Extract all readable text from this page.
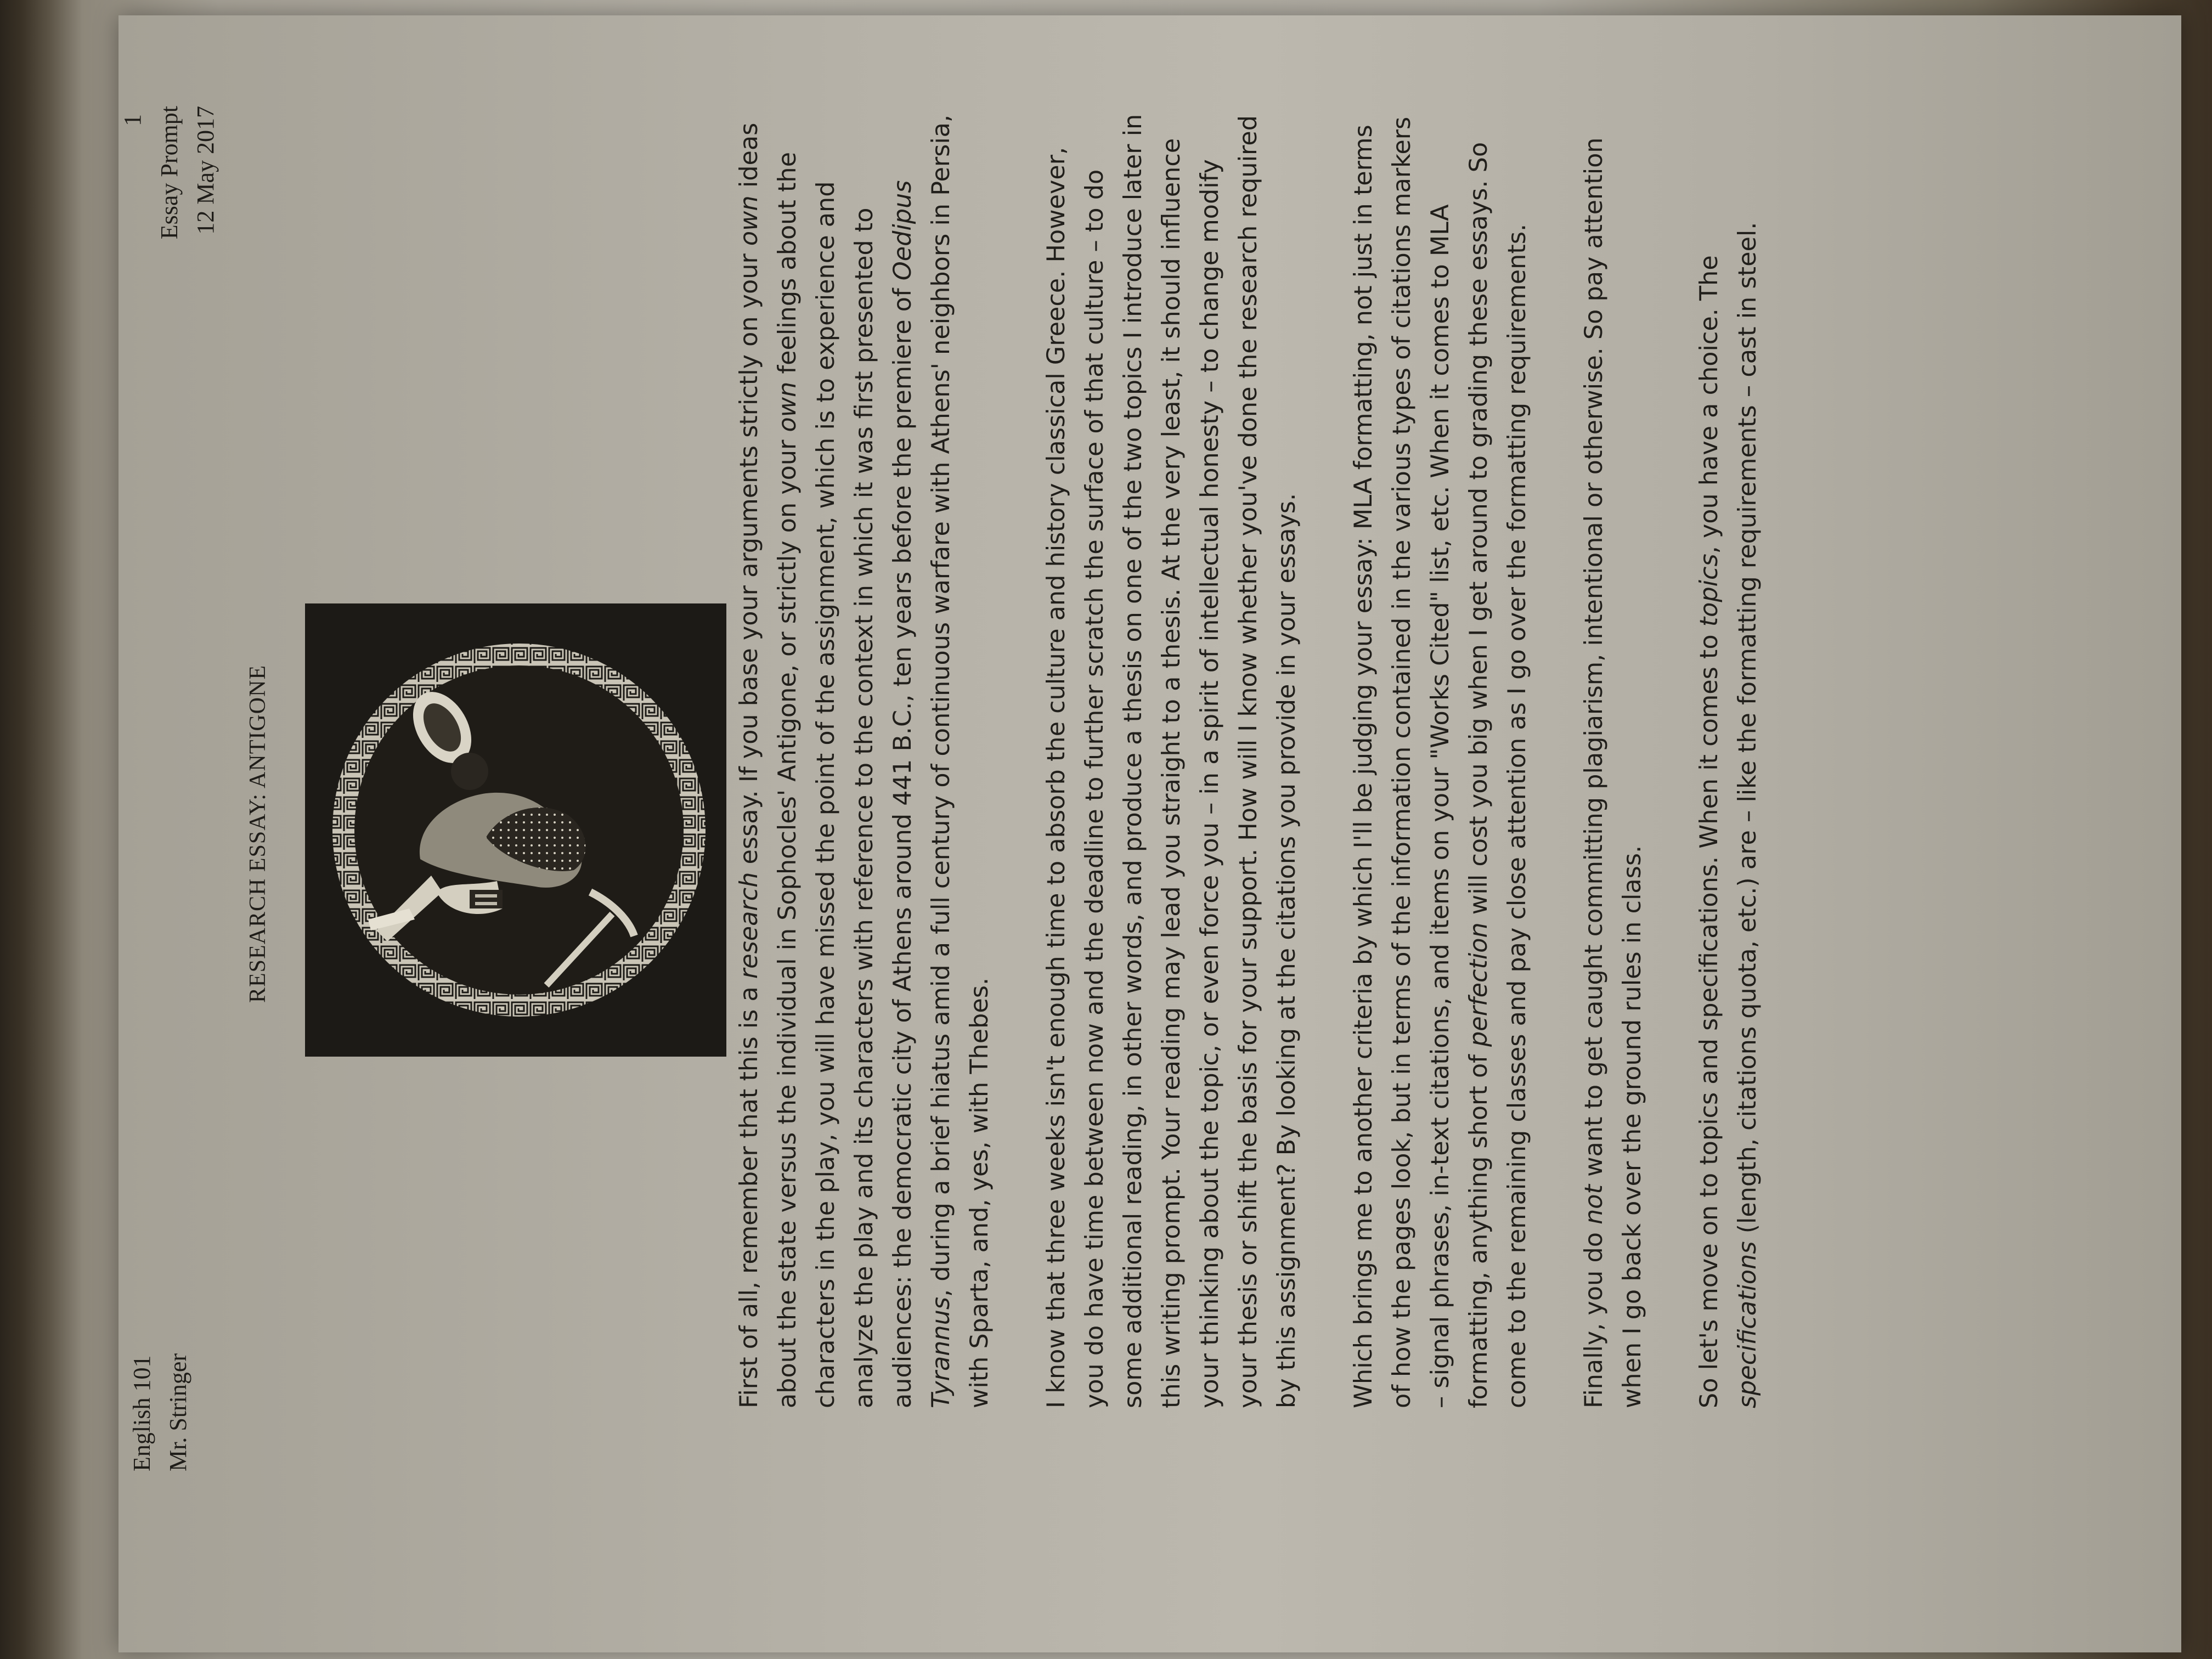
1
English 101 Mr. Stringer
Essay Prompt 12 May 2017
RESEARCH ESSAY: ANTIGONE

First of all, remember that this is a research essay. If you base your arguments strictly on your own ideas about the state versus the individual in Sophocles' Antigone, or strictly on your own feelings about the characters in the play, you will have missed the point of the assignment, which is to experience and analyze the play and its characters with reference to the context in which it was first presented to audiences: the democratic city of Athens around 441 B.C., ten years before the premiere of Oedipus Tyrannus, during a brief hiatus amid a full century of continuous warfare with Athens' neighbors in Persia, with Sparta, and, yes, with Thebes. I know that three weeks isn't enough time to absorb the culture and history classical Greece. However, you do have time between now and the deadline to further scratch the surface of that culture – to do some additional reading, in other words, and produce a thesis on one of the two topics I introduce later in this writing prompt. Your reading may lead you straight to a thesis. At the very least, it should influence your thinking about the topic, or even force you – in a spirit of intellectual honesty – to change modify your thesis or shift the basis for your support. How will I know whether you've done the research required by this assignment? By looking at the citations you provide in your essays. Which brings me to another criteria by which I'll be judging your essay: MLA formatting, not just in terms of how the pages look, but in terms of the information contained in the various types of citations markers – signal phrases, in-text citations, and items on your "Works Cited" list, etc. When it comes to MLA formatting, anything short of perfection will cost you big when I get around to grading these essays. So come to the remaining classes and pay close attention as I go over the formatting requirements. Finally, you do not want to get caught committing plagiarism, intentional or otherwise. So pay attention when I go back over the ground rules in class. So let's move on to topics and specifications. When it comes to topics, you have a choice. The specifications (length, citations quota, etc.) are – like the formatting requirements – cast in steel.
